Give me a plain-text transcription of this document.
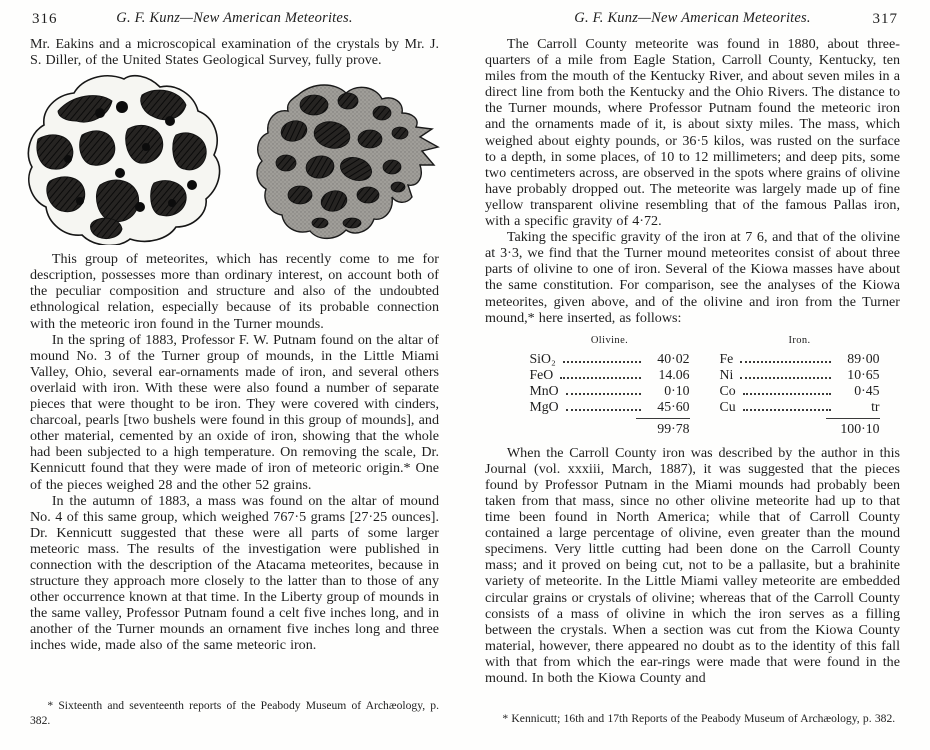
316	G. F. Kunz—New American Meteorites.

Mr. Eakins and a microscopical examination of the crystals by Mr. J. S. Diller, of the United States Geological Survey, fully prove.

This group of meteorites, which has recently come to me for description, possesses more than ordinary interest, on account both of the peculiar composition and structure and also of the undoubted ethnological relation, especially because of its probable connection with the meteoric iron found in the Turner mounds.

In the spring of 1883, Professor F. W. Putnam found on the altar of mound No. 3 of the Turner group of mounds, in the Little Miami Valley, Ohio, several ear-ornaments made of iron, and several others overlaid with iron. With these were also found a number of separate pieces that were thought to be iron. They were covered with cinders, charcoal, pearls [two bushels were found in this group of mounds], and other material, cemented by an oxide of iron, showing that the whole had been subjected to a high temperature. On removing the scale, Dr. Kennicutt found that they were made of iron of meteoric origin.* One of the pieces weighed 28 and the other 52 grains.

In the autumn of 1883, a mass was found on the altar of mound No. 4 of this same group, which weighed 767·5 grams [27·25 ounces]. Dr. Kennicutt suggested that these were all parts of some larger meteoric mass. The results of the investigation were published in connection with the description of the Atacama meteorites, because in structure they approach more closely to the latter than to those of any other occurrence known at that time. In the Liberty group of mounds in the same valley, Professor Putnam found a celt five inches long, and in another of the Turner mounds an ornament five inches long and three inches wide, made also of the same meteoric iron.

* Sixteenth and seventeenth reports of the Peabody Museum of Archæology, p. 382.

317
G. F. Kunz—New American Meteorites.

The Carroll County meteorite was found in 1880, about three-quarters of a mile from Eagle Station, Carroll County, Kentucky, ten miles from the mouth of the Kentucky River, and about seven miles in a direct line from both the Kentucky and the Ohio Rivers. The distance to the Turner mounds, where Professor Putnam found the meteoric iron and the ornaments made of it, is about sixty miles. The mass, which weighed about eighty pounds, or 36·5 kilos, was rusted on the surface to a depth, in some places, of 10 to 12 millimeters; and deep pits, some two centimeters across, are observed in the spots where grains of olivine have probably dropped out. The meteorite was largely made up of fine yellow transparent olivine resembling that of the famous Pallas iron, with a specific gravity of 4·72.

Taking the specific gravity of the iron at 7 6, and that of the olivine at 3·3, we find that the Turner mound meteorites consist of about three parts of olivine to one of iron. Several of the Kiowa masses have about the same constitution. For comparison, see the analyses of the Kiowa meteorites, given above, and of the olivine and iron from the Turner mound,* here inserted, as follows:

Olivine.
SiO₂	40·02
FeO	14.06
MnO	0·10
MgO	45·60
99·78
Iron.
Fe	89·00
Ni	10·65
Co	0·45
Cu	tr
100·10

When the Carroll County iron was described by the author in this Journal (vol. xxxiii, March, 1887), it was suggested that the pieces found by Professor Putnam in the Miami mounds had probably been taken from that mass, since no other olivine meteorite had up to that time been found in North America; while that of Carroll County contained a large percentage of olivine, even greater than the mound specimens. Very little cutting had been done on the Carroll County mass; and it proved on being cut, not to be a pallasite, but a brahinite variety of meteorite. In the Little Miami valley meteorite are embedded circular grains or crystals of olivine; whereas that of the Carroll County consists of a mass of olivine in which the iron serves as a filling between the crystals. When a section was cut from the Kiowa County material, however, there appeared no doubt as to the identity of this fall with that from which the ear-rings were made that were found in the mound. In both the Kiowa County and

* Kennicutt; 16th and 17th Reports of the Peabody Museum of Archæology, p. 382.
